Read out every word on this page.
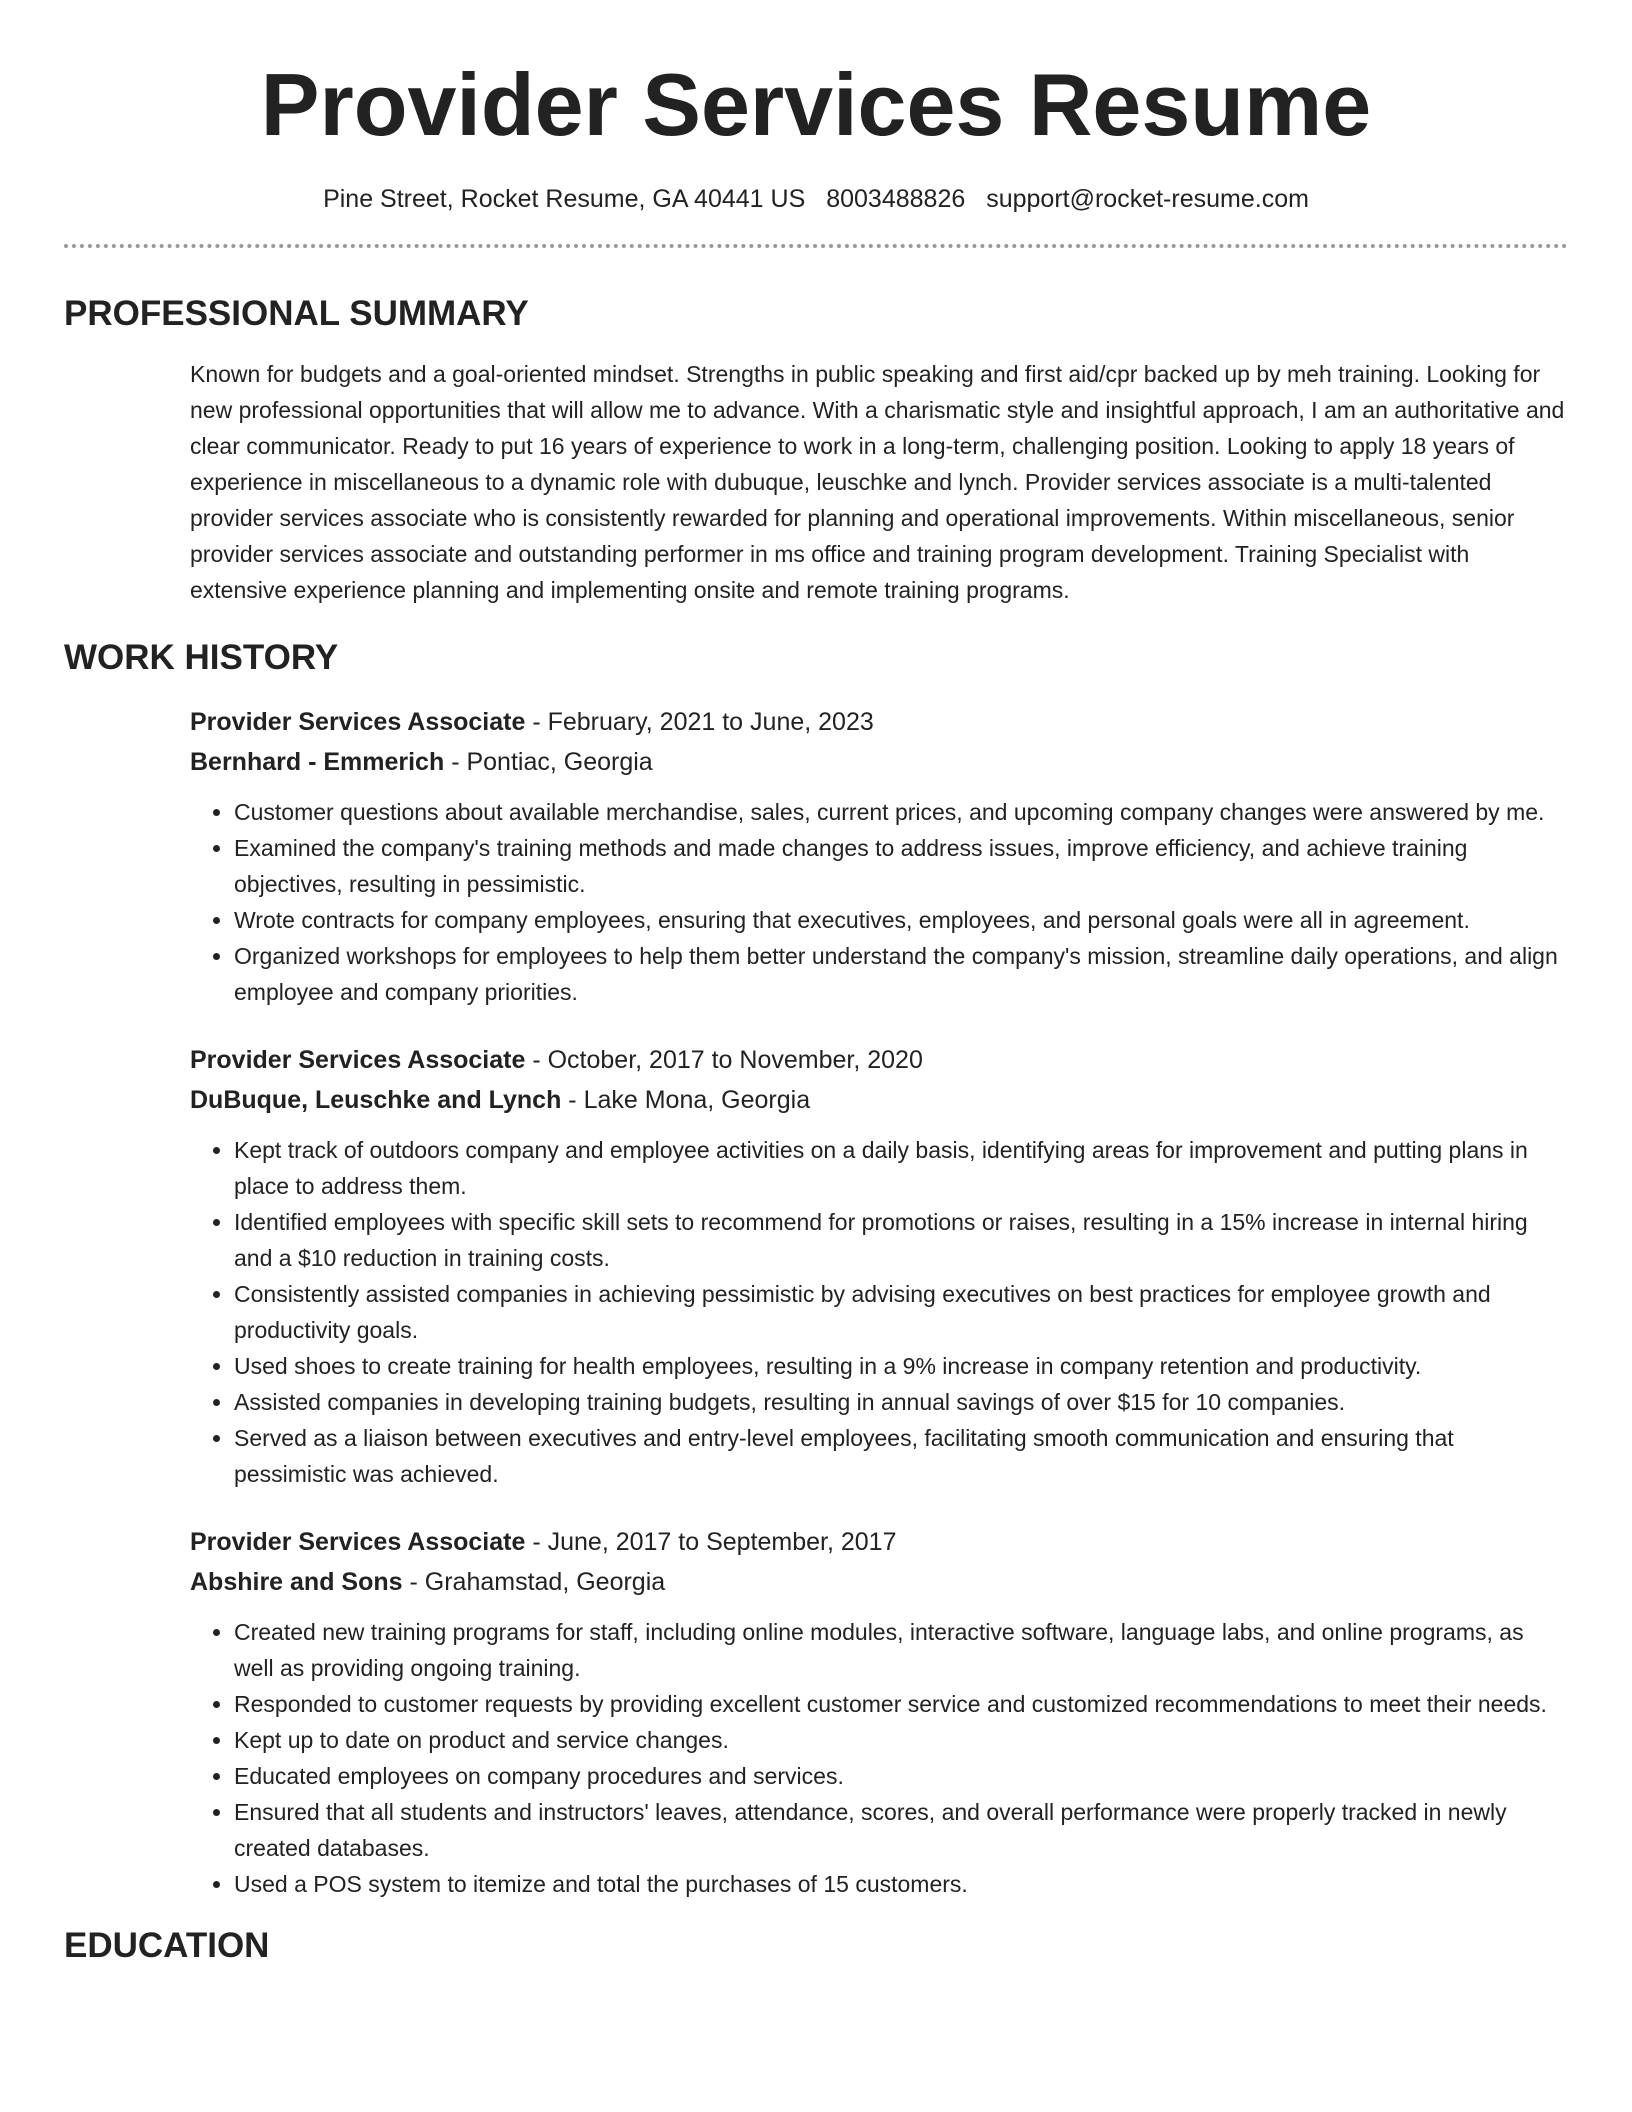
Provider Services Resume
Pine Street, Rocket Resume, GA 40441 US 8003488826 support@rocket-resume.com
PROFESSIONAL SUMMARY

Known for budgets and a goal-oriented mindset. Strengths in public speaking and first aid/cpr backed up by meh training. Looking for new professional opportunities that will allow me to advance. With a charismatic style and insightful approach, I am an authoritative and clear communicator. Ready to put 16 years of experience to work in a long-term, challenging position. Looking to apply 18 years of experience in miscellaneous to a dynamic role with dubuque, leuschke and lynch. Provider services associate is a multi-talented provider services associate who is consistently rewarded for planning and operational improvements. Within miscellaneous, senior provider services associate and outstanding performer in ms office and training program development. Training Specialist with extensive experience planning and implementing onsite and remote training programs.

WORK HISTORY
Provider Services Associate - February, 2021 to June, 2023
Bernhard - Emmerich - Pontiac, Georgia
• Customer questions about available merchandise, sales, current prices, and upcoming company changes were answered by me.
• Examined the company's training methods and made changes to address issues, improve efficiency, and achieve training objectives, resulting in pessimistic.
• Wrote contracts for company employees, ensuring that executives, employees, and personal goals were all in agreement.
• Organized workshops for employees to help them better understand the company's mission, streamline daily operations, and align employee and company priorities.
Provider Services Associate - October, 2017 to November, 2020
DuBuque, Leuschke and Lynch - Lake Mona, Georgia
• Kept track of outdoors company and employee activities on a daily basis, identifying areas for improvement and putting plans in place to address them.
• Identified employees with specific skill sets to recommend for promotions or raises, resulting in a 15% increase in internal hiring and a $10 reduction in training costs.
• Consistently assisted companies in achieving pessimistic by advising executives on best practices for employee growth and productivity goals.
• Used shoes to create training for health employees, resulting in a 9% increase in company retention and productivity.
• Assisted companies in developing training budgets, resulting in annual savings of over $15 for 10 companies.
• Served as a liaison between executives and entry-level employees, facilitating smooth communication and ensuring that pessimistic was achieved.
Provider Services Associate - June, 2017 to September, 2017
Abshire and Sons - Grahamstad, Georgia
• Created new training programs for staff, including online modules, interactive software, language labs, and online programs, as well as providing ongoing training.
• Responded to customer requests by providing excellent customer service and customized recommendations to meet their needs.
• Kept up to date on product and service changes.
• Educated employees on company procedures and services.
• Ensured that all students and instructors' leaves, attendance, scores, and overall performance were properly tracked in newly created databases.
• Used a POS system to itemize and total the purchases of 15 customers.
EDUCATION
